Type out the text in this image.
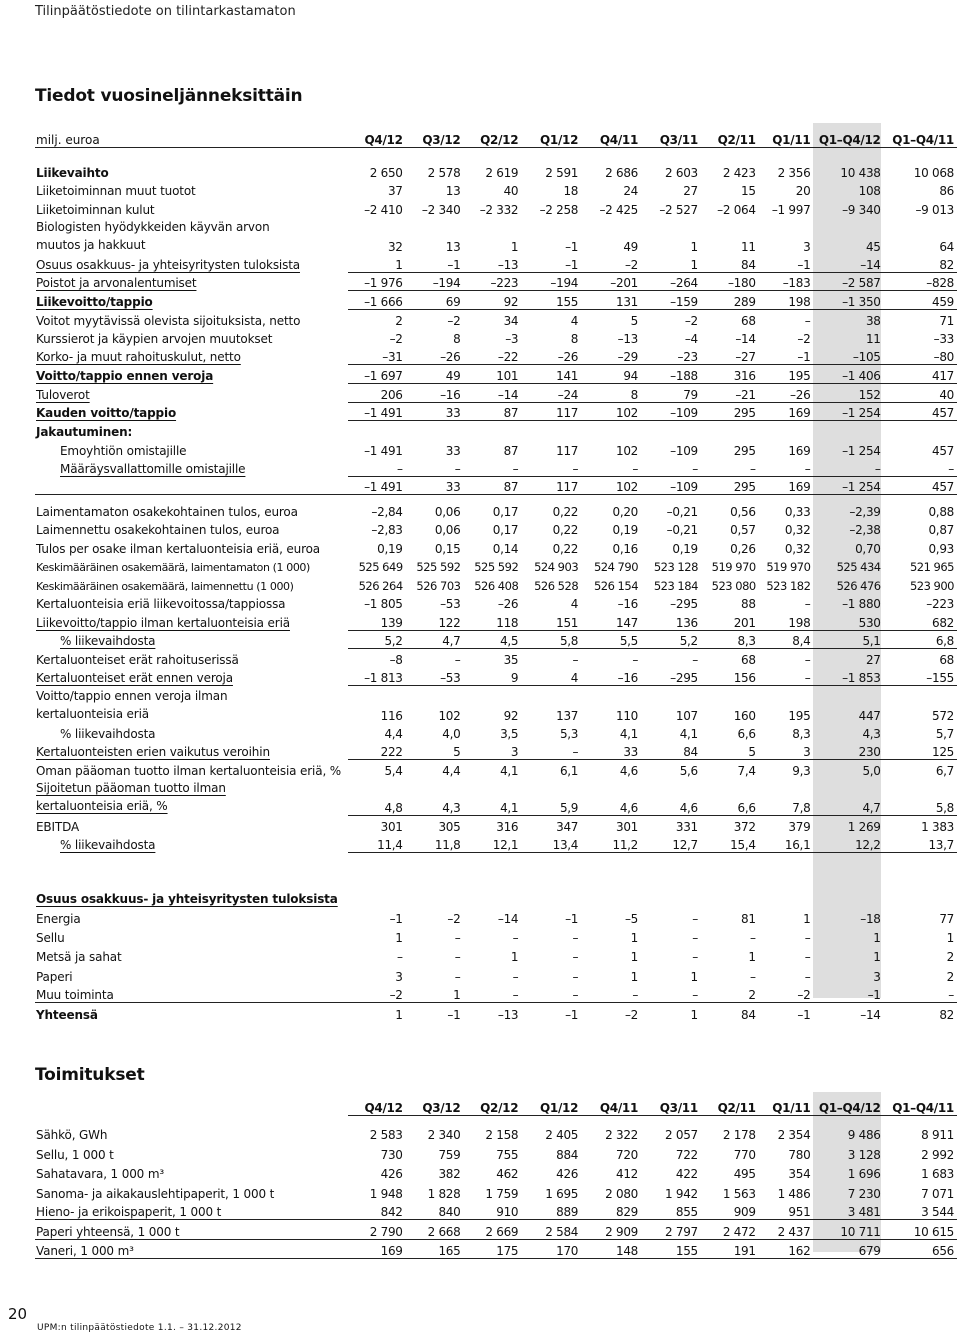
Tilinpäätöstiedote on tilintarkastamaton
Tiedot vuosineljänneksittäin
milj. euroa	Q4/12	Q3/12	Q2/12	Q1/12	Q4/11	Q3/11	Q2/11	Q1/11	Q1–Q4/12	Q1–Q4/11

Liikevaihto	2 650	2 578	2 619	2 591	2 686	2 603	2 423	2 356	10 438	10 068
Liiketoiminnan muut tuotot	37	13	40	18	24	27	15	20	108	86
Liiketoiminnan kulut	–2 410	–2 340	–2 332	–2 258	–2 425	–2 527	–2 064	–1 997	–9 340	–9 013
Biologisten hyödykkeiden käyvän arvon muutos ja hakkuut	32	13	1	–1	49	1	11	3	45	64
Osuus osakkuus- ja yhteisyritysten tuloksista	1	–1	–13	–1	–2	1	84	–1	–14	82
Poistot ja arvonalentumiset	–1 976	–194	–223	–194	–201	–264	–180	–183	–2 587	–828
Liikevoitto/tappio	–1 666	69	92	155	131	–159	289	198	–1 350	459
Voitot myytävissä olevista sijoituksista, netto	2	–2	34	4	5	–2	68	–	38	71
Kurssierot ja käypien arvojen muutokset	–2	8	–3	8	–13	–4	–14	–2	11	–33
Korko- ja muut rahoituskulut, netto	–31	–26	–22	–26	–29	–23	–27	–1	–105	–80
Voitto/tappio ennen veroja	–1 697	49	101	141	94	–188	316	195	–1 406	417
Tuloverot	206	–16	–14	–24	8	79	–21	–26	152	40
Kauden voitto/tappio	–1 491	33	87	117	102	–109	295	169	–1 254	457
Jakautuminen:										
Emoyhtiön omistajille	–1 491	33	87	117	102	–109	295	169	–1 254	457
Määräysvallattomille omistajille	–	–	–	–	–	–	–	–	–	–
	–1 491	33	87	117	102	–109	295	169	–1 254	457
Laimentamaton osakekohtainen tulos, euroa	–2,84	0,06	0,17	0,22	0,20	–0,21	0,56	0,33	–2,39	0,88
Laimennettu osakekohtainen tulos, euroa	–2,83	0,06	0,17	0,22	0,19	–0,21	0,57	0,32	–2,38	0,87
Tulos per osake ilman kertaluonteisia eriä, euroa	0,19	0,15	0,14	0,22	0,16	0,19	0,26	0,32	0,70	0,93
Keskimääräinen osakemäärä, laimentamaton (1 000)	525 649	525 592	525 592	524 903	524 790	523 128	519 970	519 970	525 434	521 965
Keskimääräinen osakemäärä, laimennettu (1 000)	526 264	526 703	526 408	526 528	526 154	523 184	523 080	523 182	526 476	523 900
Kertaluonteisia eriä liikevoitossa/tappiossa	–1 805	–53	–26	4	–16	–295	88	–	–1 880	–223
Liikevoitto/tappio ilman kertaluonteisia eriä	139	122	118	151	147	136	201	198	530	682
% liikevaihdosta	5,2	4,7	4,5	5,8	5,5	5,2	8,3	8,4	5,1	6,8
Kertaluonteiset erät rahoituserissä	–8	–	35	–	–	–	68	–	27	68
Kertaluonteiset erät ennen veroja	–1 813	–53	9	4	–16	–295	156	–	–1 853	–155
Voitto/tappio ennen veroja ilman kertaluonteisia eriä	116	102	92	137	110	107	160	195	447	572
% liikevaihdosta	4,4	4,0	3,5	5,3	4,1	4,1	6,6	8,3	4,3	5,7
Kertaluonteisten erien vaikutus veroihin	222	5	3	–	33	84	5	3	230	125
Oman pääoman tuotto ilman kertaluonteisia eriä, %	5,4	4,4	4,1	6,1	4,6	5,6	7,4	9,3	5,0	6,7
Sijoitetun pääoman tuotto ilman kertaluonteisia eriä, %	4,8	4,3	4,1	5,9	4,6	4,6	6,6	7,8	4,7	5,8
EBITDA	301	305	316	347	301	331	372	379	1 269	1 383
% liikevaihdosta	11,4	11,8	12,1	13,4	11,2	12,7	15,4	16,1	12,2	13,7

Osuus osakkuus- ja yhteisyritysten tuloksista										
Energia	–1	–2	–14	–1	–5	–	81	1	–18	77
Sellu	1	–	–	–	1	–	–	–	1	1
Metsä ja sahat	–	–	1	–	1	–	1	–	1	2
Paperi	3	–	–	–	1	1	–	–	3	2
Muu toiminta	–2	1	–	–	–	–	2	–2	–1	–
Yhteensä	1	–1	–13	–1	–2	1	84	–1	–14	82
Toimitukset
	Q4/12	Q3/12	Q2/12	Q1/12	Q4/11	Q3/11	Q2/11	Q1/11	Q1–Q4/12	Q1–Q4/11

Sähkö, GWh	2 583	2 340	2 158	2 405	2 322	2 057	2 178	2 354	9 486	8 911
Sellu, 1 000 t	730	759	755	884	720	722	770	780	3 128	2 992
Sahatavara, 1 000 m³	426	382	462	426	412	422	495	354	1 696	1 683
Sanoma- ja aikakauslehtipaperit, 1 000 t	1 948	1 828	1 759	1 695	2 080	1 942	1 563	1 486	7 230	7 071
Hieno- ja erikoispaperit, 1 000 t	842	840	910	889	829	855	909	951	3 481	3 544
Paperi yhteensä, 1 000 t	2 790	2 668	2 669	2 584	2 909	2 797	2 472	2 437	10 711	10 615
Vaneri, 1 000 m³	169	165	175	170	148	155	191	162	679	656
20
UPM:n tilinpäätöstiedote 1.1. – 31.12.2012
